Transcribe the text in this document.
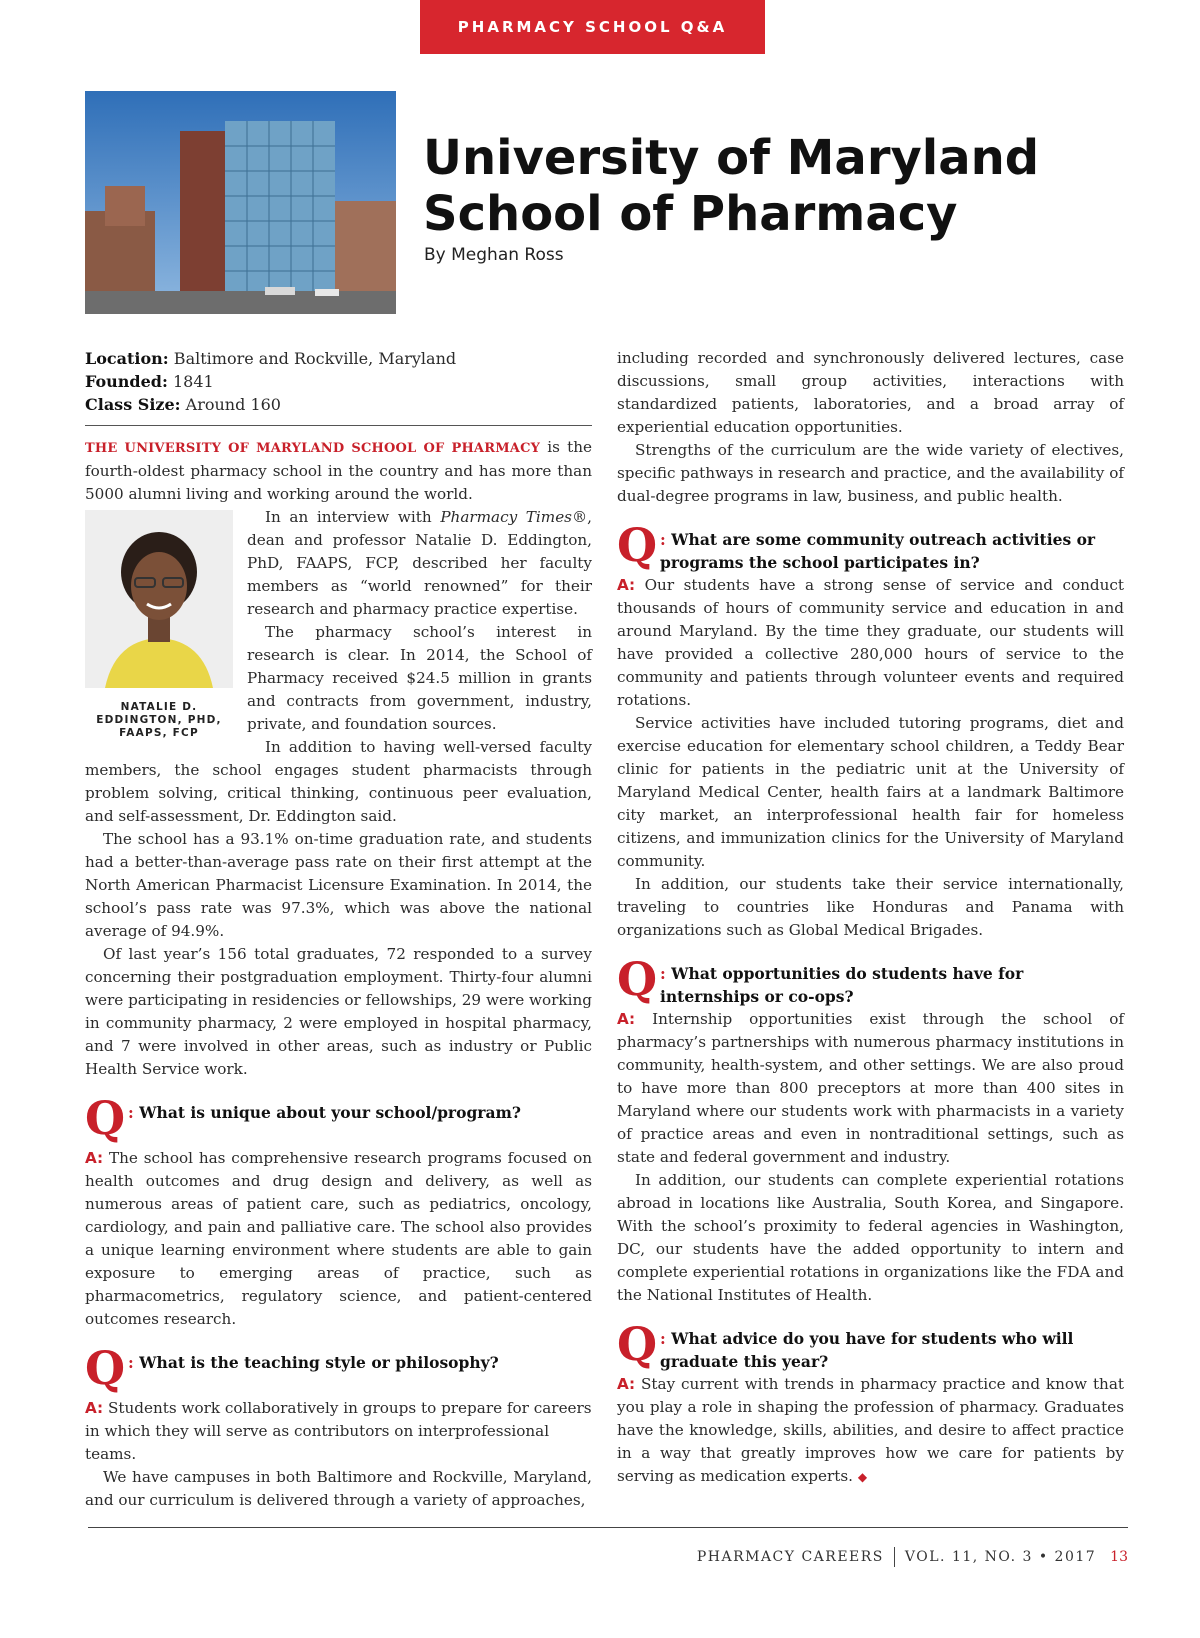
PHARMACY SCHOOL Q&A
University of Maryland
School of Pharmacy
By Meghan Ross
Location: Baltimore and Rockville, Maryland
Founded: 1841
Class Size: Around 160

THE UNIVERSITY OF MARYLAND SCHOOL OF PHARMACY is the fourth-oldest pharmacy school in the country and has more than 5000 alumni living and working around the world.

NATALIE D. EDDINGTON, PHD, FAAPS, FCP

In an interview with Pharmacy Times®, dean and professor Natalie D. Eddington, PhD, FAAPS, FCP, described her faculty members as “world renowned” for their research and pharmacy practice expertise.

The pharmacy school’s interest in research is clear. In 2014, the School of Pharmacy received $24.5 million in grants and contracts from government, industry, private, and foundation sources.

In addition to having well-versed faculty members, the school engages student pharmacists through problem solving, critical thinking, continuous peer evaluation, and self-assessment, Dr. Eddington said.

The school has a 93.1% on-time graduation rate, and students had a better-than-average pass rate on their first attempt at the North American Pharmacist Licensure Examination. In 2014, the school’s pass rate was 97.3%, which was above the national average of 94.9%.

Of last year’s 156 total graduates, 72 responded to a survey concerning their postgraduation employment. Thirty-four alumni were participating in residencies or fellowships, 29 were working in community pharmacy, 2 were employed in hospital pharmacy, and 7 were involved in other areas, such as industry or Public Health Service work.

Q : What is unique about your school/program?

A: The school has comprehensive research programs focused on health outcomes and drug design and delivery, as well as numerous areas of patient care, such as pediatrics, oncology, cardiology, and pain and palliative care. The school also provides a unique learning environment where students are able to gain exposure to emerging areas of practice, such as pharmacometrics, regulatory science, and patient-centered outcomes research.

Q : What is the teaching style or philosophy?

A: Students work collaboratively in groups to prepare for careers in which they will serve as contributors on interprofessional teams.

We have campuses in both Baltimore and Rockville, Maryland, and our curriculum is delivered through a variety of approaches,

including recorded and synchronously delivered lectures, case discussions, small group activities, interactions with standardized patients, laboratories, and a broad array of experiential education opportunities.

Strengths of the curriculum are the wide variety of electives, specific pathways in research and practice, and the availability of dual-degree programs in law, business, and public health.

Q : What are some community outreach activities or programs the school participates in?

A: Our students have a strong sense of service and conduct thousands of hours of community service and education in and around Maryland. By the time they graduate, our students will have provided a collective 280,000 hours of service to the community and patients through volunteer events and required rotations.

Service activities have included tutoring programs, diet and exercise education for elementary school children, a Teddy Bear clinic for patients in the pediatric unit at the University of Maryland Medical Center, health fairs at a landmark Baltimore city market, an interprofessional health fair for homeless citizens, and immunization clinics for the University of Maryland community.

In addition, our students take their service internationally, traveling to countries like Honduras and Panama with organizations such as Global Medical Brigades.

Q : What opportunities do students have for internships or co-ops?

A: Internship opportunities exist through the school of pharmacy’s partnerships with numerous pharmacy institutions in community, health-system, and other settings. We are also proud to have more than 800 preceptors at more than 400 sites in Maryland where our students work with pharmacists in a variety of practice areas and even in nontraditional settings, such as state and federal government and industry.

In addition, our students can complete experiential rotations abroad in locations like Australia, South Korea, and Singapore. With the school’s proximity to federal agencies in Washington, DC, our students have the added opportunity to intern and complete experiential rotations in organizations like the FDA and the National Institutes of Health.

Q : What advice do you have for students who will graduate this year?

A: Stay current with trends in pharmacy practice and know that you play a role in shaping the profession of pharmacy. Graduates have the knowledge, skills, abilities, and desire to affect practice in a way that greatly improves how we care for patients by serving as medication experts. ◆

PHARMACY CAREERS VOL. 11, NO. 3 • 2017 13
